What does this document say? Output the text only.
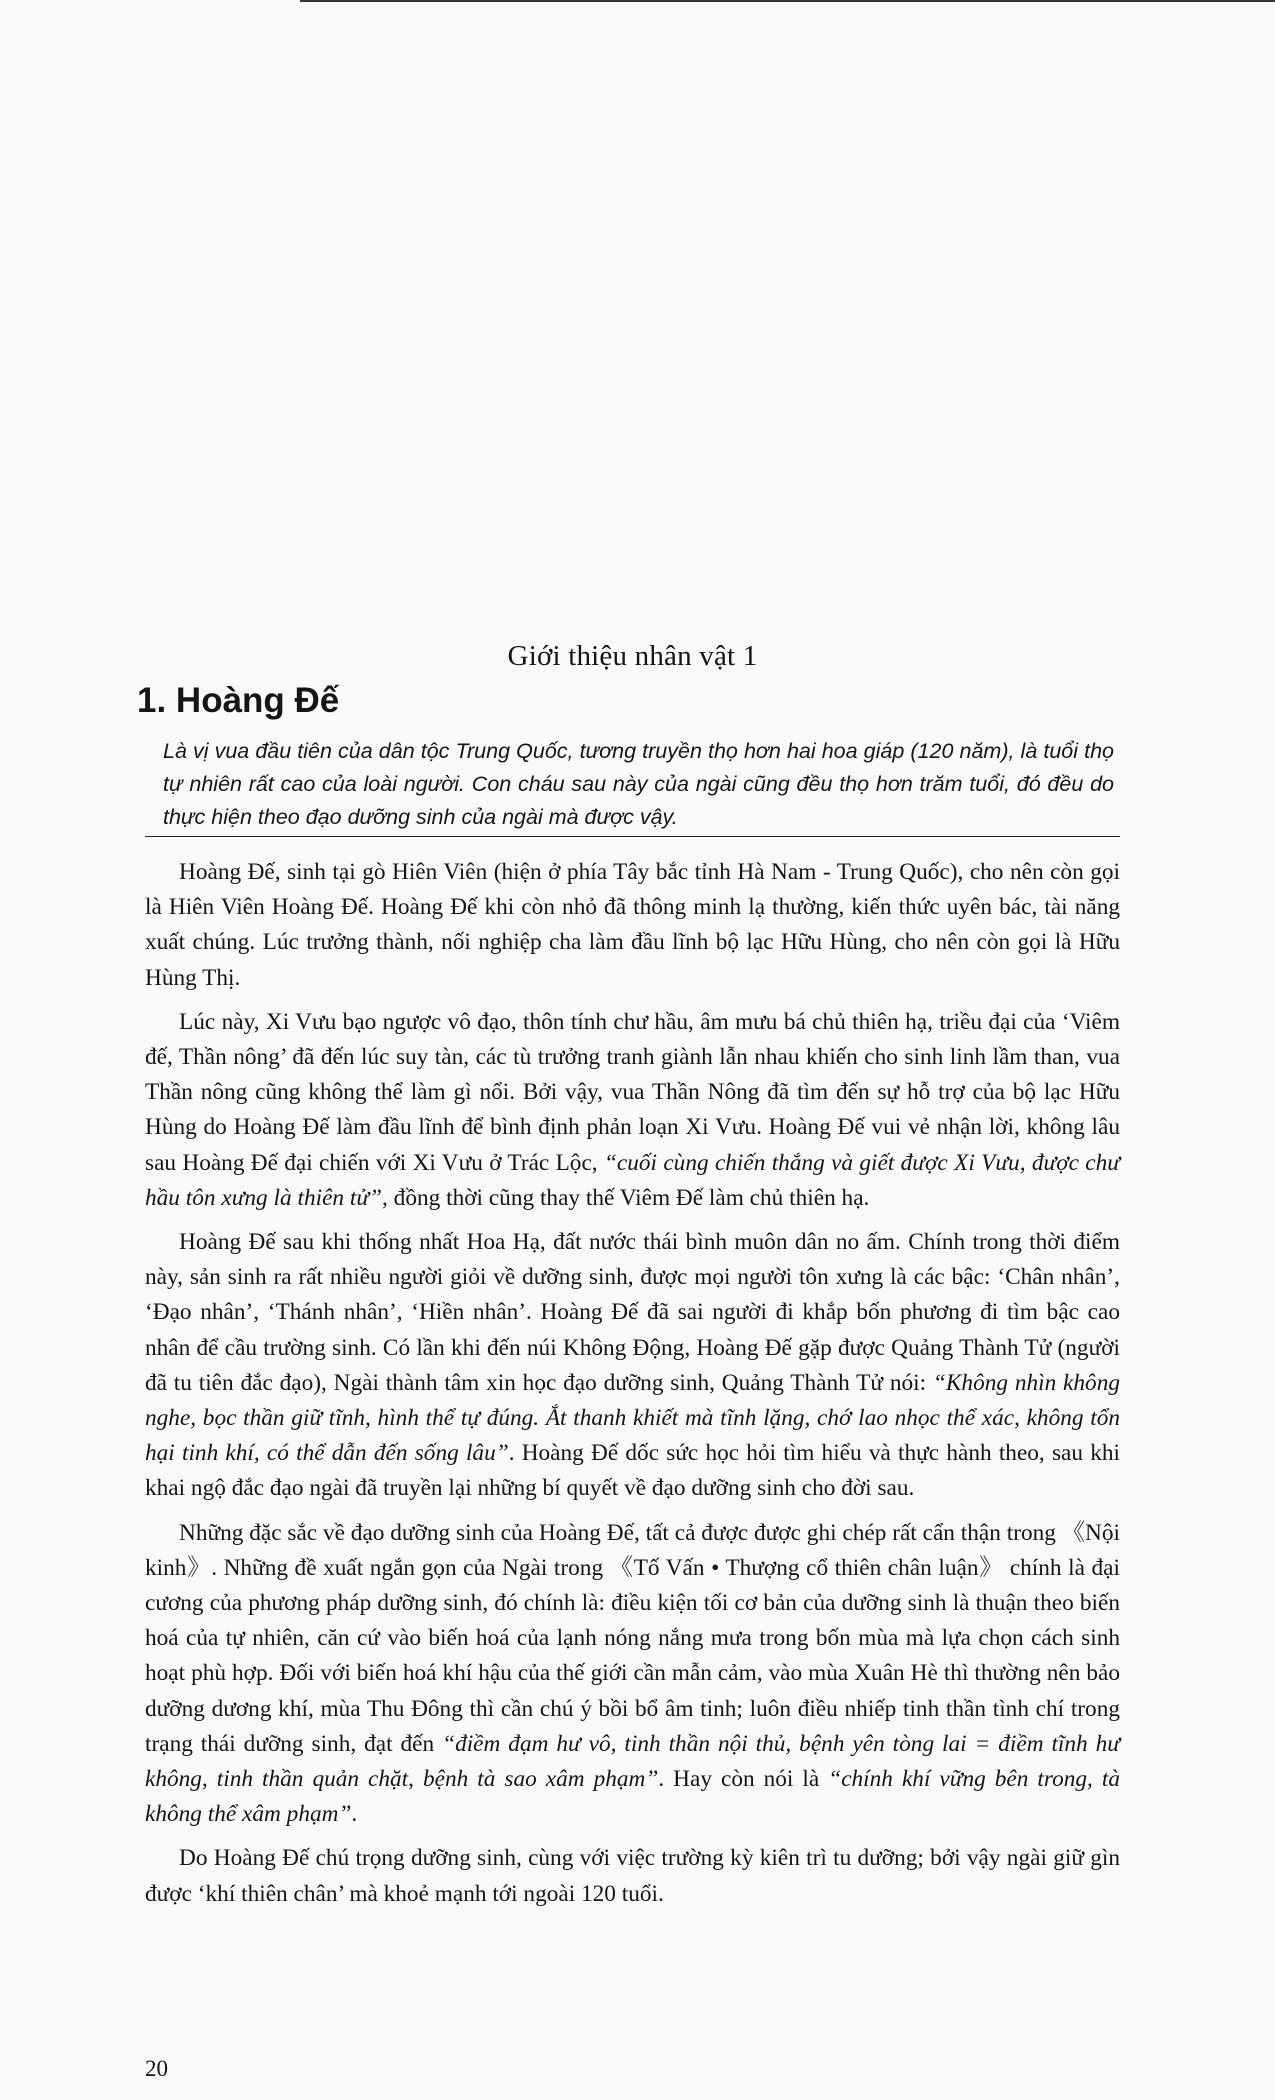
Giới thiệu nhân vật 1
1. Hoàng Đế
Là vị vua đầu tiên của dân tộc Trung Quốc, tương truyền thọ hơn hai hoa giáp (120 năm), là tuổi thọ tự nhiên rất cao của loài người. Con cháu sau này của ngài cũng đều thọ hơn trăm tuổi, đó đều do thực hiện theo đạo dưỡng sinh của ngài mà được vậy.

Hoàng Đế, sinh tại gò Hiên Viên (hiện ở phía Tây bắc tỉnh Hà Nam - Trung Quốc), cho nên còn gọi là Hiên Viên Hoàng Đế. Hoàng Đế khi còn nhỏ đã thông minh lạ thường, kiến thức uyên bác, tài năng xuất chúng. Lúc trưởng thành, nối nghiệp cha làm đầu lĩnh bộ lạc Hữu Hùng, cho nên còn gọi là Hữu Hùng Thị.

Lúc này, Xi Vưu bạo ngược vô đạo, thôn tính chư hầu, âm mưu bá chủ thiên hạ, triều đại của ‘Viêm đế, Thần nông’ đã đến lúc suy tàn, các tù trưởng tranh giành lẫn nhau khiến cho sinh linh lầm than, vua Thần nông cũng không thể làm gì nổi. Bởi vậy, vua Thần Nông đã tìm đến sự hỗ trợ của bộ lạc Hữu Hùng do Hoàng Đế làm đầu lĩnh để bình định phản loạn Xi Vưu. Hoàng Đế vui vẻ nhận lời, không lâu sau Hoàng Đế đại chiến với Xi Vưu ở Trác Lộc, “cuối cùng chiến thắng và giết được Xi Vưu, được chư hầu tôn xưng là thiên tử”, đồng thời cũng thay thế Viêm Đế làm chủ thiên hạ.

Hoàng Đế sau khi thống nhất Hoa Hạ, đất nước thái bình muôn dân no ấm. Chính trong thời điểm này, sản sinh ra rất nhiều người giỏi về dưỡng sinh, được mọi người tôn xưng là các bậc: ‘Chân nhân’, ‘Đạo nhân’, ‘Thánh nhân’, ‘Hiền nhân’. Hoàng Đế đã sai người đi khắp bốn phương đi tìm bậc cao nhân để cầu trường sinh. Có lần khi đến núi Không Động, Hoàng Đế gặp được Quảng Thành Tử (người đã tu tiên đắc đạo), Ngài thành tâm xin học đạo dưỡng sinh, Quảng Thành Tử nói: “Không nhìn không nghe, bọc thần giữ tĩnh, hình thể tự đúng. Ắt thanh khiết mà tĩnh lặng, chớ lao nhọc thể xác, không tổn hại tinh khí, có thể dẫn đến sống lâu”. Hoàng Đế dốc sức học hỏi tìm hiểu và thực hành theo, sau khi khai ngộ đắc đạo ngài đã truyền lại những bí quyết về đạo dưỡng sinh cho đời sau.

Những đặc sắc về đạo dưỡng sinh của Hoàng Đế, tất cả được được ghi chép rất cẩn thận trong 《Nội kinh》. Những đề xuất ngắn gọn của Ngài trong 《Tố Vấn • Thượng cổ thiên chân luận》 chính là đại cương của phương pháp dưỡng sinh, đó chính là: điều kiện tối cơ bản của dưỡng sinh là thuận theo biến hoá của tự nhiên, căn cứ vào biến hoá của lạnh nóng nắng mưa trong bốn mùa mà lựa chọn cách sinh hoạt phù hợp. Đối với biến hoá khí hậu của thế giới cần mẫn cảm, vào mùa Xuân Hè thì thường nên bảo dưỡng dương khí, mùa Thu Đông thì cần chú ý bồi bổ âm tinh; luôn điều nhiếp tinh thần tình chí trong trạng thái dưỡng sinh, đạt đến “điềm đạm hư vô, tinh thần nội thủ, bệnh yên tòng lai = điềm tĩnh hư không, tinh thần quản chặt, bệnh tà sao xâm phạm”. Hay còn nói là “chính khí vững bên trong, tà không thể xâm phạm”.

Do Hoàng Đế chú trọng dưỡng sinh, cùng với việc trường kỳ kiên trì tu dưỡng; bởi vậy ngài giữ gìn được ‘khí thiên chân’ mà khoẻ mạnh tới ngoài 120 tuổi.

20
